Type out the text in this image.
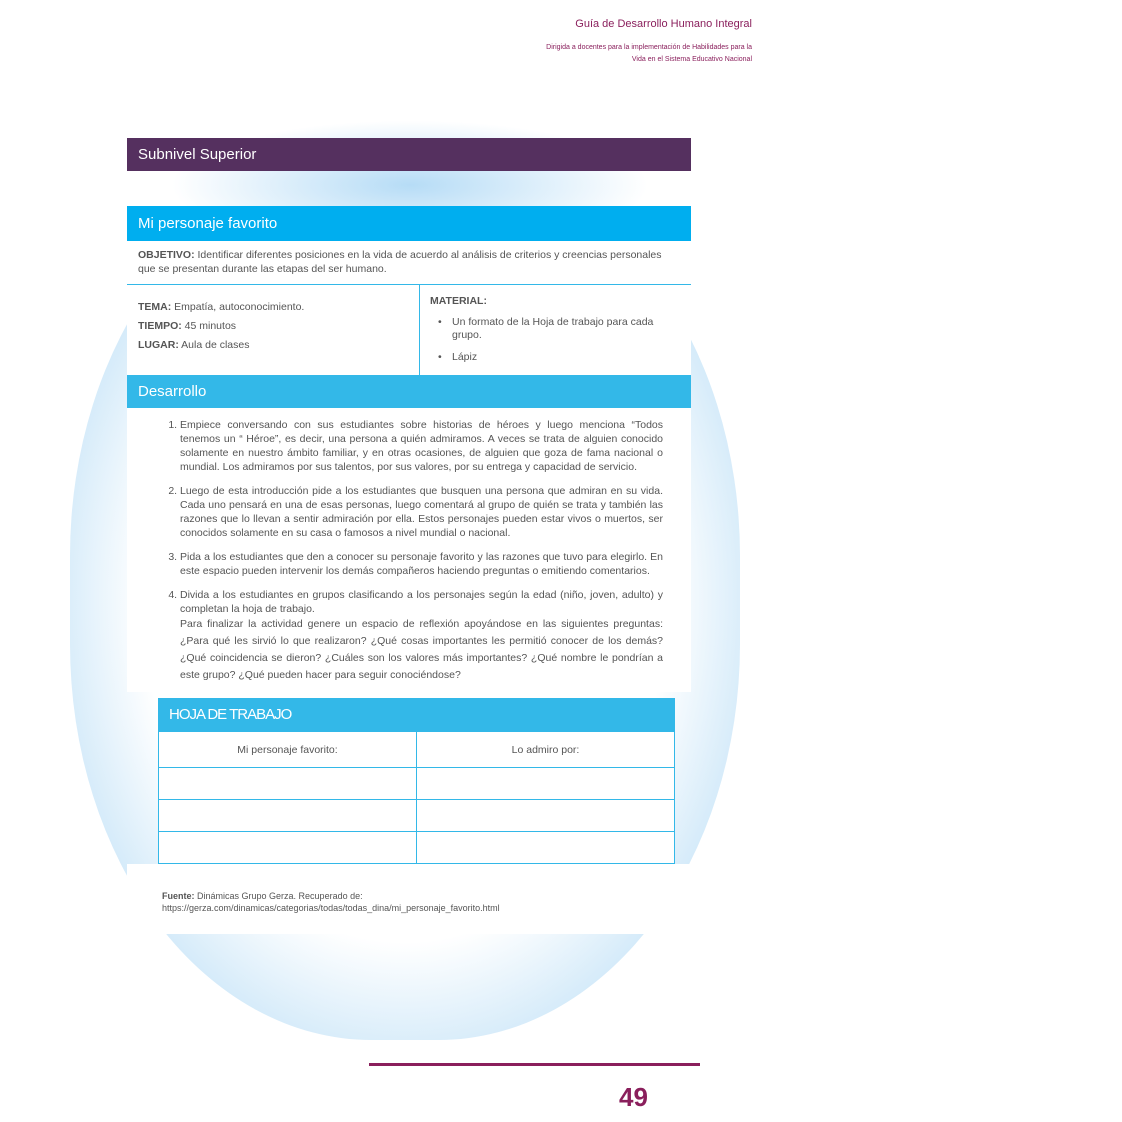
Guía de Desarrollo Humano Integral
Dirigida a docentes para la implementación de Habilidades para la
Vida en el Sistema Educativo Nacional
Subnivel Superior
Mi personaje favorito
OBJETIVO: Identificar diferentes posiciones en la vida de acuerdo al análisis de criterios y creencias personales que se presentan durante las etapas del ser humano.
TEMA: Empatía, autoconocimiento.
TIEMPO: 45 minutos
LUGAR: Aula de clases
MATERIAL:
• Un formato de la Hoja de trabajo para cada grupo.
• Lápiz
Desarrollo
1. Empiece conversando con sus estudiantes sobre historias de héroes y luego menciona “Todos tenemos un “ Héroe”, es decir, una persona a quién admiramos. A veces se trata de alguien conocido solamente en nuestro ámbito familiar, y en otras ocasiones, de alguien que goza de fama nacional o mundial. Los admiramos por sus talentos, por sus valores, por su entrega y capacidad de servicio.
2. Luego de esta introducción pide a los estudiantes que busquen una persona que admiran en su vida. Cada uno pensará en una de esas personas, luego comentará al grupo de quién se trata y también las razones que lo llevan a sentir admiración por ella. Estos personajes pueden estar vivos o muertos, ser conocidos solamente en su casa o famosos a nivel mundial o nacional.
3. Pida a los estudiantes que den a conocer su personaje favorito y las razones que tuvo para elegirlo. En este espacio pueden intervenir los demás compañeros haciendo preguntas o emitiendo comentarios.
4. Divida a los estudiantes en grupos clasificando a los personajes según la edad (niño, joven, adulto) y completan la hoja de trabajo.
Para finalizar la actividad genere un espacio de reflexión apoyándose en las siguientes preguntas: ¿Para qué les sirvió lo que realizaron? ¿Qué cosas importantes les permitió conocer de los demás? ¿Qué coincidencia se dieron? ¿Cuáles son los valores más importantes? ¿Qué nombre le pondrían a este grupo? ¿Qué pueden hacer para seguir conociéndose?
HOJA DE TRABAJO
Mi personaje favorito:	Lo admiro por:

Fuente: Dinámicas Grupo Gerza. Recuperado de:
https://gerza.com/dinamicas/categorias/todas/todas_dina/mi_personaje_favorito.html
49
